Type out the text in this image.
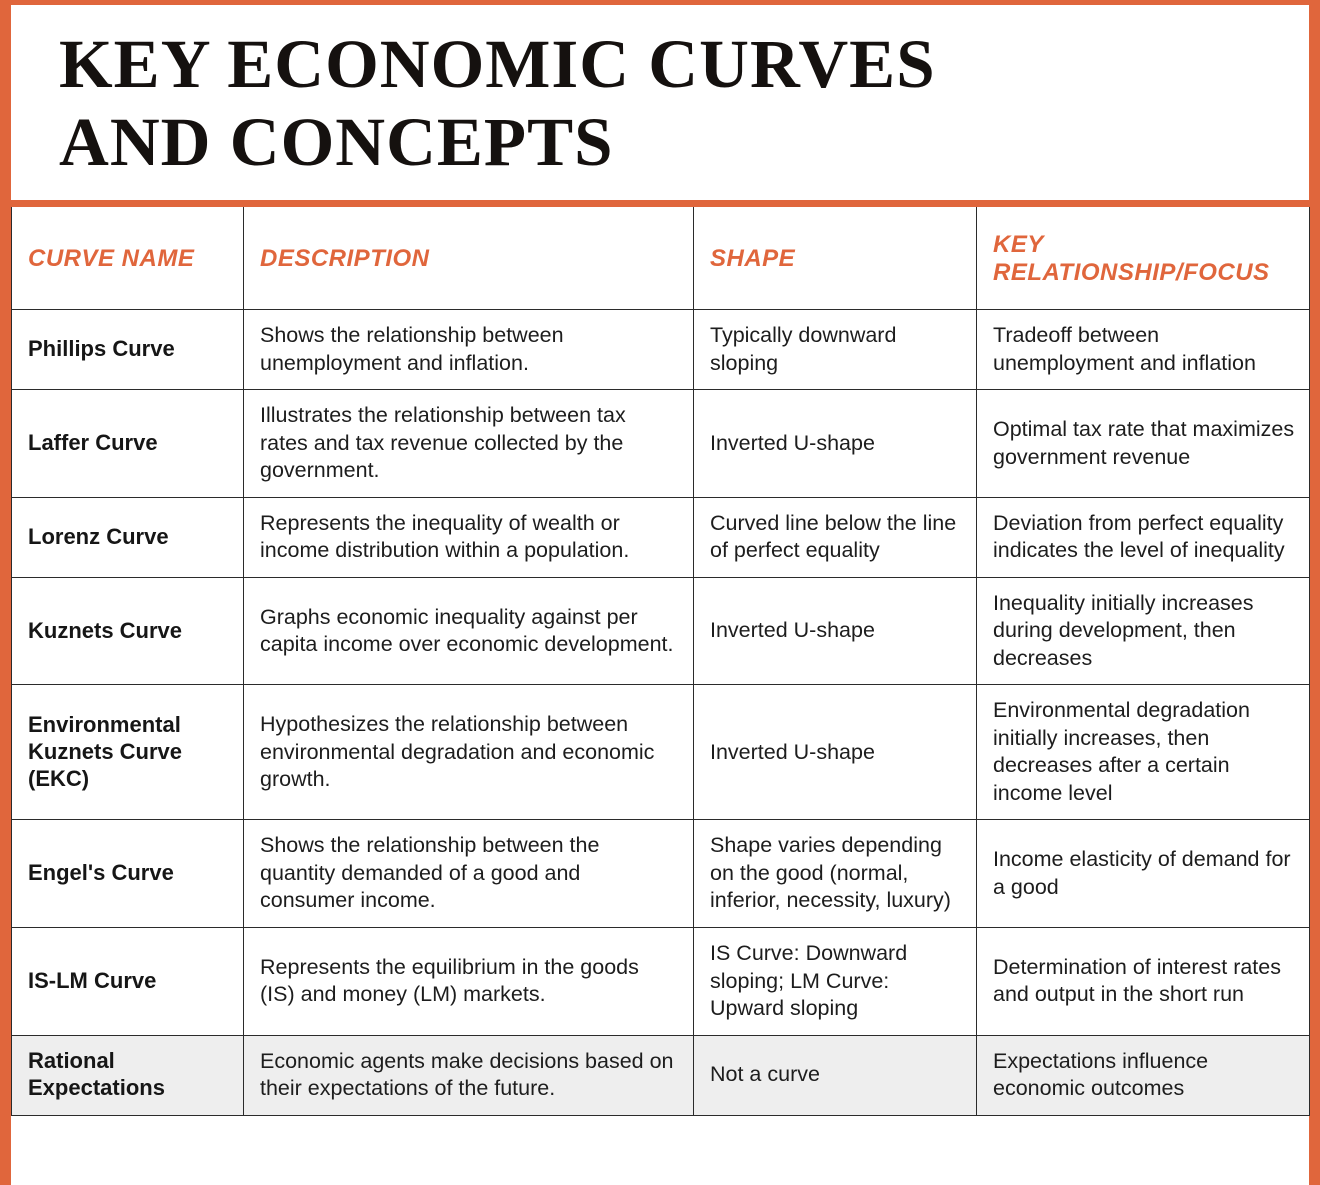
KEY ECONOMIC CURVES
AND CONCEPTS
CURVE NAME	DESCRIPTION	SHAPE	KEY RELATIONSHIP/FOCUS
Phillips Curve	Shows the relationship between unemployment and inflation.	Typically downward sloping	Tradeoff between unemployment and inflation
Laffer Curve	Illustrates the relationship between tax rates and tax revenue collected by the government.	Inverted U-shape	Optimal tax rate that maximizes government revenue
Lorenz Curve	Represents the inequality of wealth or income distribution within a population.	Curved line below the line of perfect equality	Deviation from perfect equality indicates the level of inequality
Kuznets Curve	Graphs economic inequality against per capita income over economic development.	Inverted U-shape	Inequality initially increases during development, then decreases
Environmental Kuznets Curve (EKC)	Hypothesizes the relationship between environmental degradation and economic growth.	Inverted U-shape	Environmental degradation initially increases, then decreases after a certain income level
Engel's Curve	Shows the relationship between the quantity demanded of a good and consumer income.	Shape varies depending on the good (normal, inferior, necessity, luxury)	Income elasticity of demand for a good
IS-LM Curve	Represents the equilibrium in the goods (IS) and money (LM) markets.	IS Curve: Downward sloping; LM Curve: Upward sloping	Determination of interest rates and output in the short run
Rational Expectations	Economic agents make decisions based on their expectations of the future.	Not a curve	Expectations influence economic outcomes
